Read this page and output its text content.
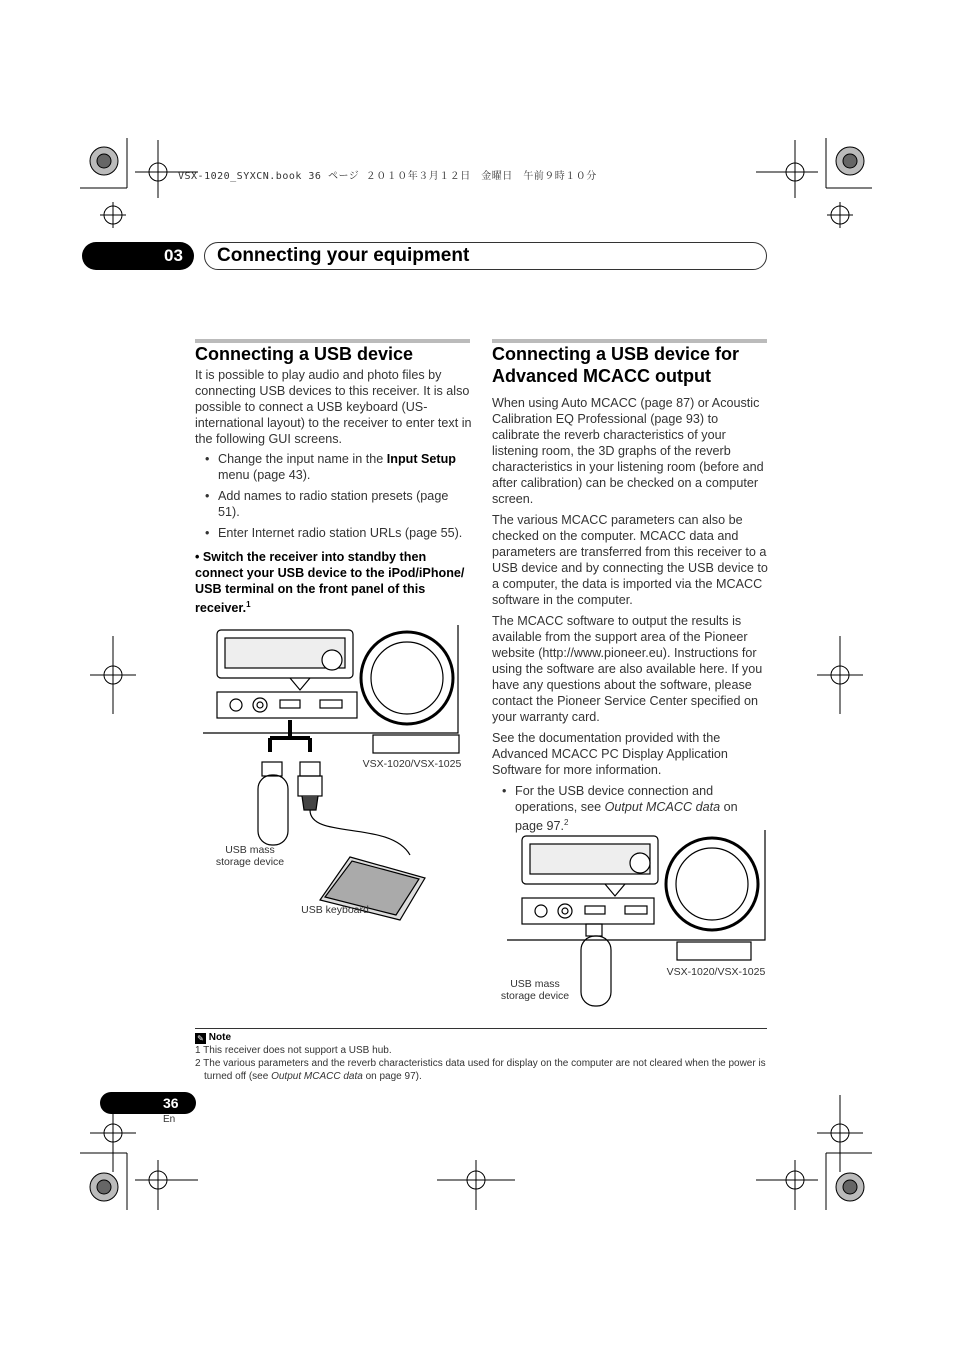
VSX-1020_SYXCN.book 36 ページ ２０１０年３月１２日　金曜日　午前９時１０分
03	Connecting your equipment
Connecting a USB device

It is possible to play audio and photo files by connecting USB devices to this receiver. It is also possible to connect a USB keyboard (US-international layout) to the receiver to enter text in the following GUI screens.

• Change the input name in the Input Setup menu (page 43).
• Add names to radio station presets (page 51).
• Enter Internet radio station URLs (page 55).

• Switch the receiver into standby then connect your USB device to the iPod/iPhone/ USB terminal on the front panel of this receiver.$^1$

VSX-1020/VSX-1025
USB mass storage device
USB keyboard
Connecting a USB device for
Advanced MCACC output

When using Auto MCACC (page 87) or Acoustic Calibration EQ Professional (page 93) to calibrate the reverb characteristics of your listening room, the 3D graphs of the reverb characteristics in your listening room (before and after calibration) can be checked on a computer screen.

The various MCACC parameters can also be checked on the computer. MCACC data and parameters are transferred from this receiver to a USB device and by connecting the USB device to a computer, the data is imported via the MCACC software in the computer.

The MCACC software to output the results is available from the support area of the Pioneer website (http://www.pioneer.eu). Instructions for using the software are also available here. If you have any questions about the software, please contact the Pioneer Service Center specified on your warranty card.

See the documentation provided with the Advanced MCACC PC Display Application Software for more information.

• For the USB device connection and operations, see Output MCACC data on page 97.$^2$
VSX-1020/VSX-1025
USB mass storage device
✎ Note
1 This receiver does not support a USB hub.
2 The various parameters and the reverb characteristics data used for display on the computer are not cleared when the power is turned off (see Output MCACC data on page 97).
36
En
